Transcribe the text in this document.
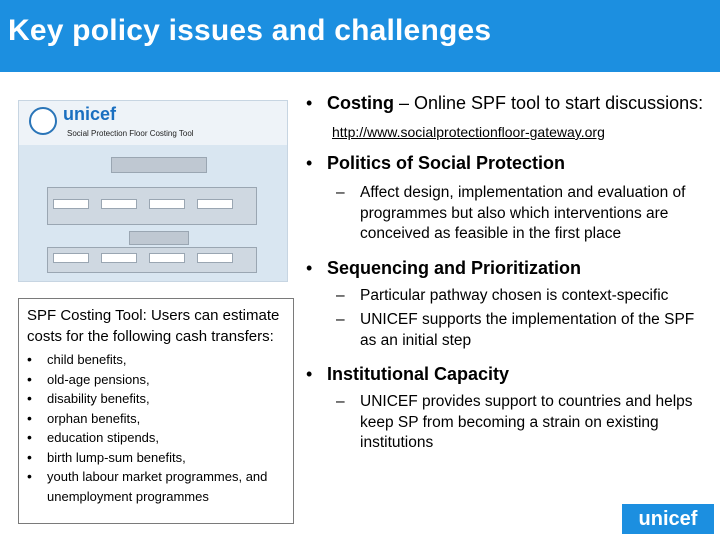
Key policy issues and challenges
unicef
Social Protection Floor Costing Tool

SPF Costing Tool: Users can estimate costs for the following cash transfers:

• child benefits,
• old-age pensions,
• disability benefits,
• orphan benefits,
• education stipends,
• birth lump-sum benefits,
• youth labour market programmes, and unemployment programmes
• Costing – Online SPF tool to start discussions:
http://www.socialprotectionfloor-gateway.org
• Politics of Social Protection
– Affect design, implementation and evaluation of programmes but also which interventions are conceived as feasible in the first place
• Sequencing and Prioritization
– Particular pathway chosen is context-specific
– UNICEF supports the implementation of the SPF as an initial step
• Institutional Capacity
– UNICEF provides support to countries and helps keep SP from becoming a strain on existing institutions
unicef
